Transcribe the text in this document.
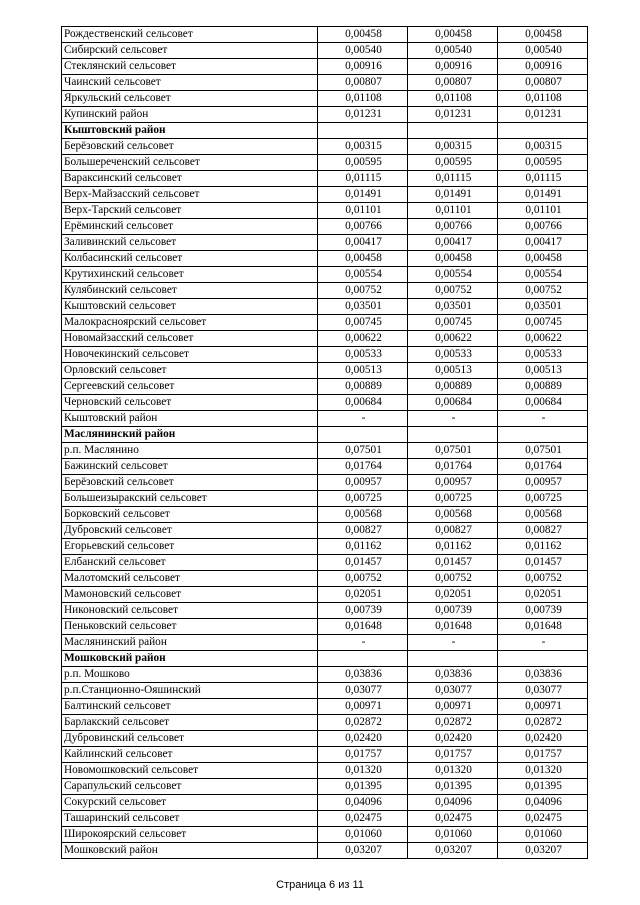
Рождественский сельсовет	0,00458	0,00458	0,00458
Сибирский сельсовет	0,00540	0,00540	0,00540
Стеклянский сельсовет	0,00916	0,00916	0,00916
Чаинский сельсовет	0,00807	0,00807	0,00807
Яркульский сельсовет	0,01108	0,01108	0,01108
Купинский район	0,01231	0,01231	0,01231
Кыштовский район			
Берёзовский сельсовет	0,00315	0,00315	0,00315
Большереченский сельсовет	0,00595	0,00595	0,00595
Вараксинский сельсовет	0,01115	0,01115	0,01115
Верх-Майзасский сельсовет	0,01491	0,01491	0,01491
Верх-Тарский сельсовет	0,01101	0,01101	0,01101
Ерёминский сельсовет	0,00766	0,00766	0,00766
Заливинский сельсовет	0,00417	0,00417	0,00417
Колбасинский сельсовет	0,00458	0,00458	0,00458
Крутихинский сельсовет	0,00554	0,00554	0,00554
Кулябинский сельсовет	0,00752	0,00752	0,00752
Кыштовский сельсовет	0,03501	0,03501	0,03501
Малокрасноярский сельсовет	0,00745	0,00745	0,00745
Новомайзасский сельсовет	0,00622	0,00622	0,00622
Новочекинский сельсовет	0,00533	0,00533	0,00533
Орловский сельсовет	0,00513	0,00513	0,00513
Сергеевский сельсовет	0,00889	0,00889	0,00889
Черновский сельсовет	0,00684	0,00684	0,00684
Кыштовский район	-	-	-
Маслянинский район			
р.п. Маслянино	0,07501	0,07501	0,07501
Бажинский сельсовет	0,01764	0,01764	0,01764
Берёзовский сельсовет	0,00957	0,00957	0,00957
Большеизыракский сельсовет	0,00725	0,00725	0,00725
Борковский сельсовет	0,00568	0,00568	0,00568
Дубровский сельсовет	0,00827	0,00827	0,00827
Егорьевский сельсовет	0,01162	0,01162	0,01162
Елбанский сельсовет	0,01457	0,01457	0,01457
Малотомский сельсовет	0,00752	0,00752	0,00752
Мамоновский сельсовет	0,02051	0,02051	0,02051
Никоновский сельсовет	0,00739	0,00739	0,00739
Пеньковский сельсовет	0,01648	0,01648	0,01648
Маслянинский район	-	-	-
Мошковский район			
р.п. Мошково	0,03836	0,03836	0,03836
р.п.Станционно-Ояшинский	0,03077	0,03077	0,03077
Балтинский сельсовет	0,00971	0,00971	0,00971
Барлакский сельсовет	0,02872	0,02872	0,02872
Дубровинский сельсовет	0,02420	0,02420	0,02420
Кайлинский сельсовет	0,01757	0,01757	0,01757
Новомошковский сельсовет	0,01320	0,01320	0,01320
Сарапульский сельсовет	0,01395	0,01395	0,01395
Сокурский сельсовет	0,04096	0,04096	0,04096
Ташаринский сельсовет	0,02475	0,02475	0,02475
Широкоярский сельсовет	0,01060	0,01060	0,01060
Мошковский район	0,03207	0,03207	0,03207
Страница 6 из 11
